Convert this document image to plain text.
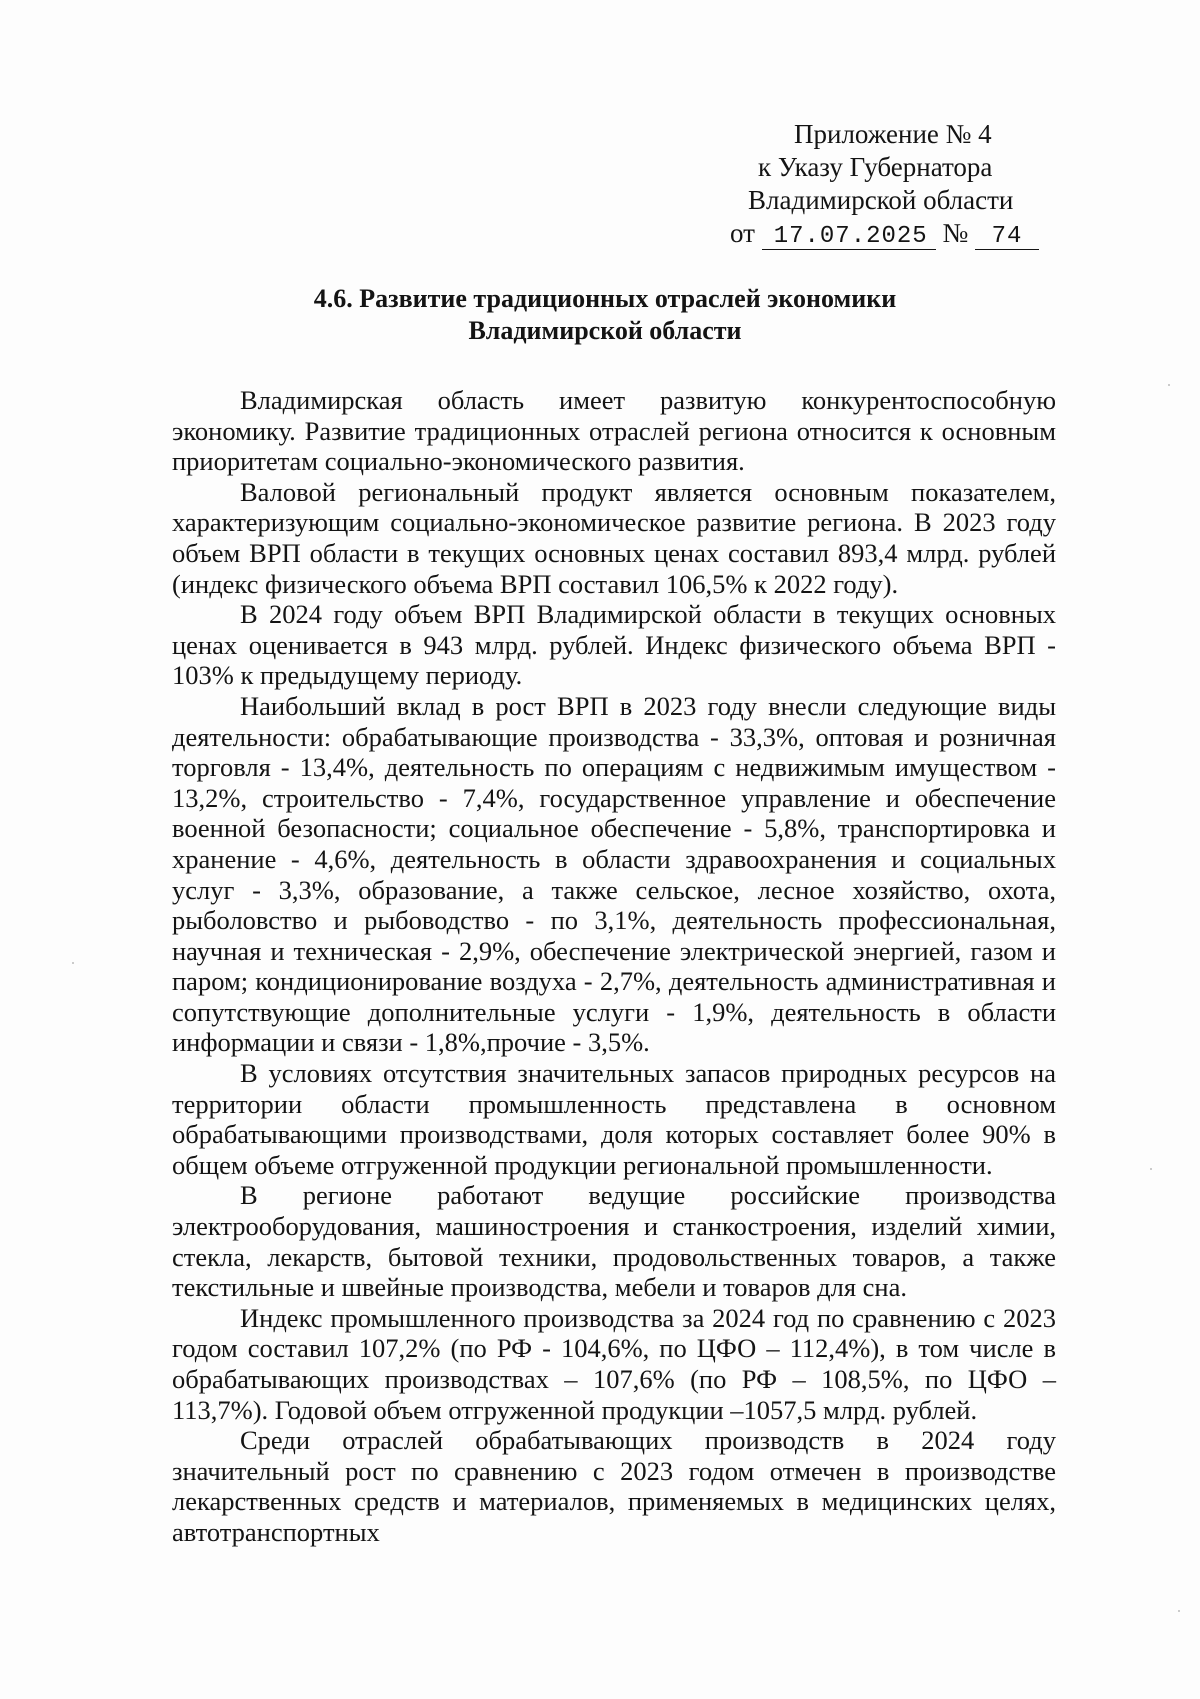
Приложение № 4
к Указу Губернатора
Владимирской области
от 17.07.2025 № 74
4.6. Развитие традиционных отраслей экономики
Владимирской области

Владимирская область имеет развитую конкурентоспособную экономику. Развитие традиционных отраслей региона относится к основным приоритетам социально-экономического развития.

Валовой региональный продукт является основным показателем, характеризующим социально-экономическое развитие региона. В 2023 году объем ВРП области в текущих основных ценах составил 893,4 млрд. рублей (индекс физического объема ВРП составил 106,5% к 2022 году).

В 2024 году объем ВРП Владимирской области в текущих основных ценах оценивается в 943 млрд. рублей. Индекс физического объема ВРП - 103% к предыдущему периоду.

Наибольший вклад в рост ВРП в 2023 году внесли следующие виды деятельности: обрабатывающие производства - 33,3%, оптовая и розничная торговля - 13,4%, деятельность по операциям с недвижимым имуществом - 13,2%, строительство - 7,4%, государственное управление и обеспечение военной безопасности; социальное обеспечение - 5,8%, транспортировка и хранение - 4,6%, деятельность в области здравоохранения и социальных услуг - 3,3%, образование, а также сельское, лесное хозяйство, охота, рыболовство и рыбоводство - по 3,1%, деятельность профессиональная, научная и техническая - 2,9%, обеспечение электрической энергией, газом и паром; кондиционирование воздуха - 2,7%, деятельность административная и сопутствующие дополнительные услуги - 1,9%, деятельность в области информации и связи - 1,8%,прочие - 3,5%.

В условиях отсутствия значительных запасов природных ресурсов на территории области промышленность представлена в основном обрабатывающими производствами, доля которых составляет более 90% в общем объеме отгруженной продукции региональной промышленности.

В регионе работают ведущие российские производства электрооборудования, машиностроения и станкостроения, изделий химии, стекла, лекарств, бытовой техники, продовольственных товаров, а также текстильные и швейные производства, мебели и товаров для сна.

Индекс промышленного производства за 2024 год по сравнению с 2023 годом составил 107,2% (по РФ - 104,6%, по ЦФО – 112,4%), в том числе в обрабатывающих производствах – 107,6% (по РФ – 108,5%, по ЦФО – 113,7%). Годовой объем отгруженной продукции –1057,5 млрд. рублей.

Среди отраслей обрабатывающих производств в 2024 году значительный рост по сравнению с 2023 годом отмечен в производстве лекарственных средств и материалов, применяемых в медицинских целях, автотранспортных
